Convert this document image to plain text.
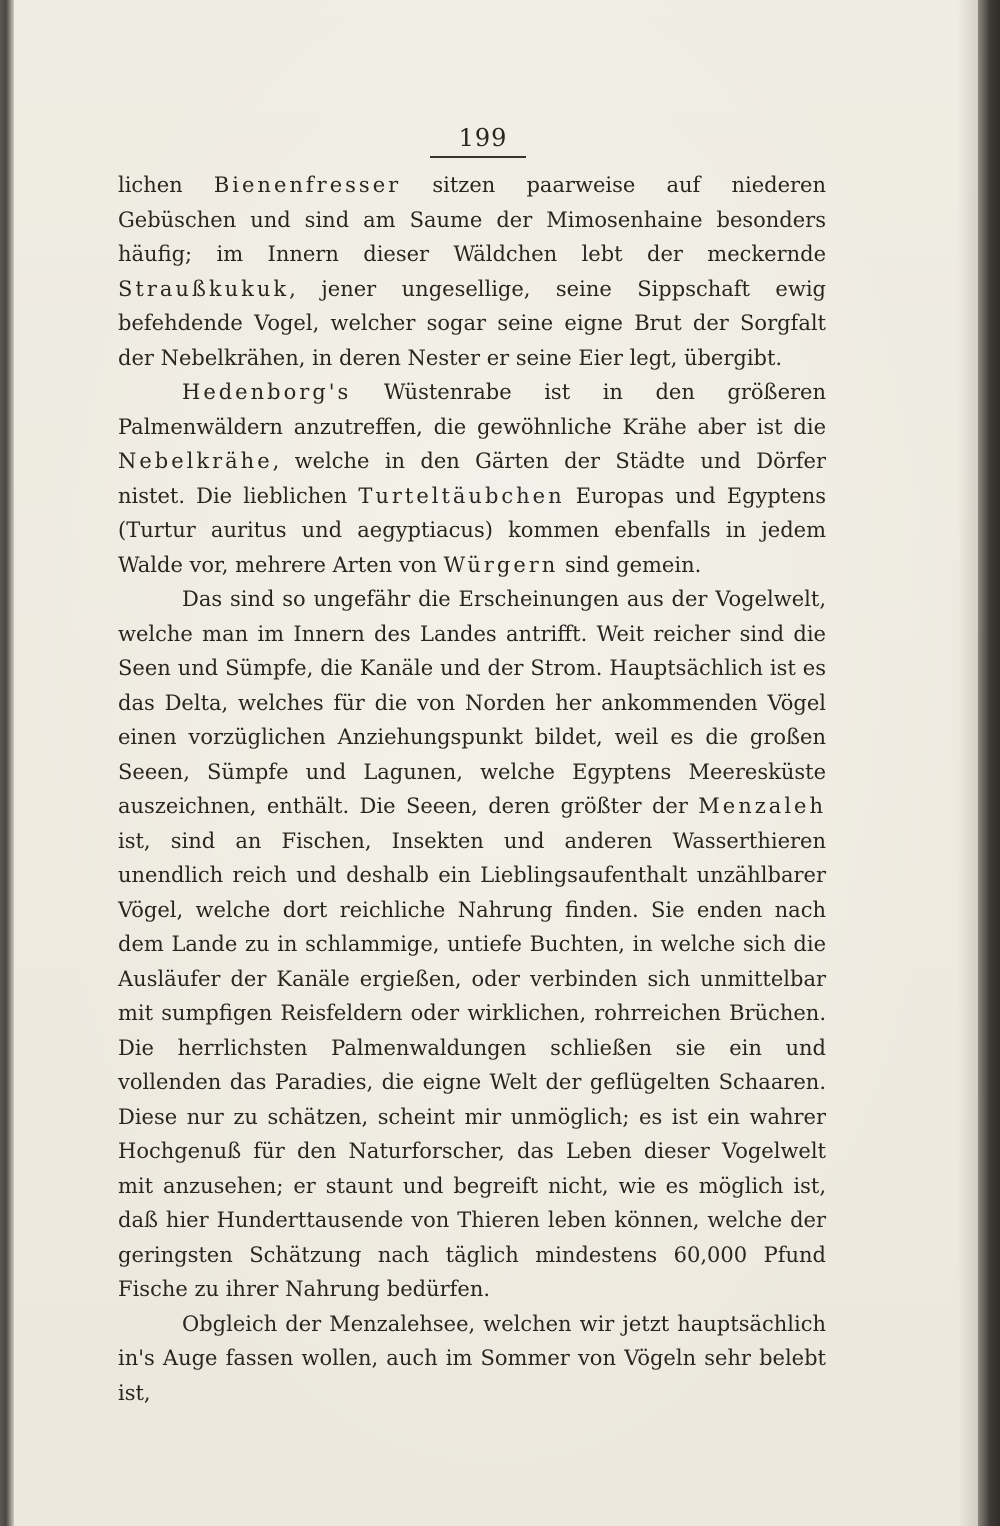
199

lichen Bienenfresser sitzen paarweise auf niederen Gebüschen und sind am Saume der Mimosenhaine besonders häufig; im Innern dieser Wäldchen lebt der meckernde Straußkukuk, jener ungesellige, seine Sippschaft ewig befehdende Vogel, welcher sogar seine eigne Brut der Sorgfalt der Nebelkrähen, in deren Nester er seine Eier legt, übergibt.

Hedenborg's Wüstenrabe ist in den größeren Palmenwäldern anzutreffen, die gewöhnliche Krähe aber ist die Nebelkrähe, welche in den Gärten der Städte und Dörfer nistet. Die lieblichen Turteltäubchen Europas und Egyptens (Turtur auritus und aegyptiacus) kommen ebenfalls in jedem Walde vor, mehrere Arten von Würgern sind gemein.

Das sind so ungefähr die Erscheinungen aus der Vogelwelt, welche man im Innern des Landes antrifft. Weit reicher sind die Seen und Sümpfe, die Kanäle und der Strom. Hauptsächlich ist es das Delta, welches für die von Norden her ankommenden Vögel einen vorzüglichen Anziehungspunkt bildet, weil es die großen Seeen, Sümpfe und Lagunen, welche Egyptens Meeresküste auszeichnen, enthält. Die Seeen, deren größter der Menzaleh ist, sind an Fischen, Insekten und anderen Wasserthieren unendlich reich und deshalb ein Lieblingsaufenthalt unzählbarer Vögel, welche dort reichliche Nahrung finden. Sie enden nach dem Lande zu in schlammige, untiefe Buchten, in welche sich die Ausläufer der Kanäle ergießen, oder verbinden sich unmittelbar mit sumpfigen Reisfeldern oder wirklichen, rohrreichen Brüchen. Die herrlichsten Palmenwaldungen schließen sie ein und vollenden das Paradies, die eigne Welt der geflügelten Schaaren. Diese nur zu schätzen, scheint mir unmöglich; es ist ein wahrer Hochgenuß für den Naturforscher, das Leben dieser Vogelwelt mit anzusehen; er staunt und begreift nicht, wie es möglich ist, daß hier Hunderttausende von Thieren leben können, welche der geringsten Schätzung nach täglich mindestens 60,000 Pfund Fische zu ihrer Nahrung bedürfen.

Obgleich der Menzalehsee, welchen wir jetzt hauptsächlich in's Auge fassen wollen, auch im Sommer von Vögeln sehr belebt ist,
